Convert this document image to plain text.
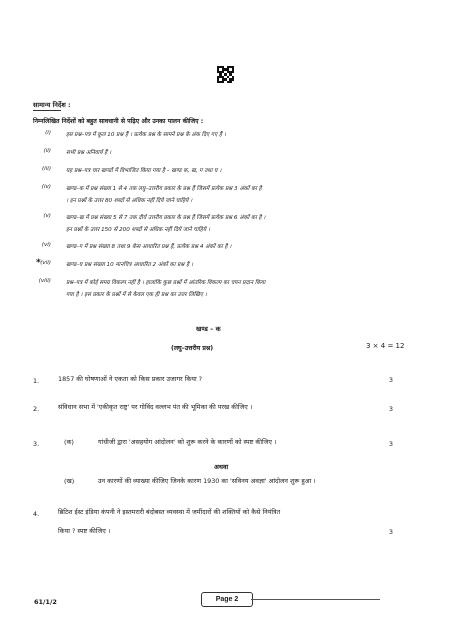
सामान्य निर्देश :
निम्नलिखित निर्देशों को बहुत सावधानी से पढ़िए और उनका पालन कीजिए :
(i)	इस प्रश्न–पत्र में कुल 10 प्रश्न हैं । प्रत्येक प्रश्न के सामने प्रश्न के अंक दिए गए हैं ।
(ii)	सभी प्रश्न अनिवार्य हैं ।
(iii)	यह प्रश्न–पत्र चार खण्डों में विभाजित किया गया है – खण्ड क, ख, ग तथा घ ।
(iv)	खण्ड–क में प्रश्न संख्या 1 से 4 तक लघु–उत्तरीय प्रकार के प्रश्न हैं जिसमें प्रत्येक प्रश्न 3 अंकों का है
। इन प्रश्नों के उत्तर 80 शब्दों से अधिक नहीं दिये जाने चाहिये ।
(v)	खण्ड–ख में प्रश्न संख्या 5 से 7 तक दीर्घ उत्तरीय प्रकार के प्रश्न हैं जिसमें प्रत्येक प्रश्न 6 अंकों का है ।
इन प्रश्नों के उत्तर 150 से 200 शब्दों से अधिक नहीं दिये जाने चाहिये ।
(vi)	खण्ड–ग में प्रश्न संख्या 8 तथा 9 केस आधारित प्रश्न हैं, प्रत्येक प्रश्न 4 अंकों का है ।
(vii)	खण्ड–घ प्रश्न संख्या 10 मानचित्र आधारित 2 अंकों का प्रश्न है ।
(viii)	प्रश्न–पत्र में कोई समग्र विकल्प नहीं है । हालांकि कुछ प्रश्नों में आंतरिक विकल्प का चयन प्रदान किया
गया है । इस प्रकार के प्रश्नों में से केवल एक ही प्रश्न का उत्तर लिखिए ।
*
खण्ड – क
(लघु–उत्तरीय प्रश्न)	3 × 4 = 12
1.	1857 की घोषणाओं ने एकता को किस प्रकार उजागर किया ?	3
2.	संविधान सभा में 'एकीकृत राष्ट्र' पर गोविंद वल्लभ पंत की भूमिका की परख कीजिए ।	3
3.	(क)	गांधीजी द्वारा 'असहयोग आंदोलन' को शुरू करने के कारणों को स्पष्ट कीजिए ।	3
अथवा
(ख)	उन कारणों की व्याख्या कीजिए जिनके कारण 1930 का 'सविनय अवज्ञा' आंदोलन शुरू हुआ ।
4.	ब्रिटिश ईस्ट इंडिया कंपनी ने इस्तमरारी बंदोबस्त व्यवस्था में जमींदारों की शक्तियों को कैसे नियंत्रित
किया ? स्पष्ट कीजिए ।	3
61/1/2	Page 2
